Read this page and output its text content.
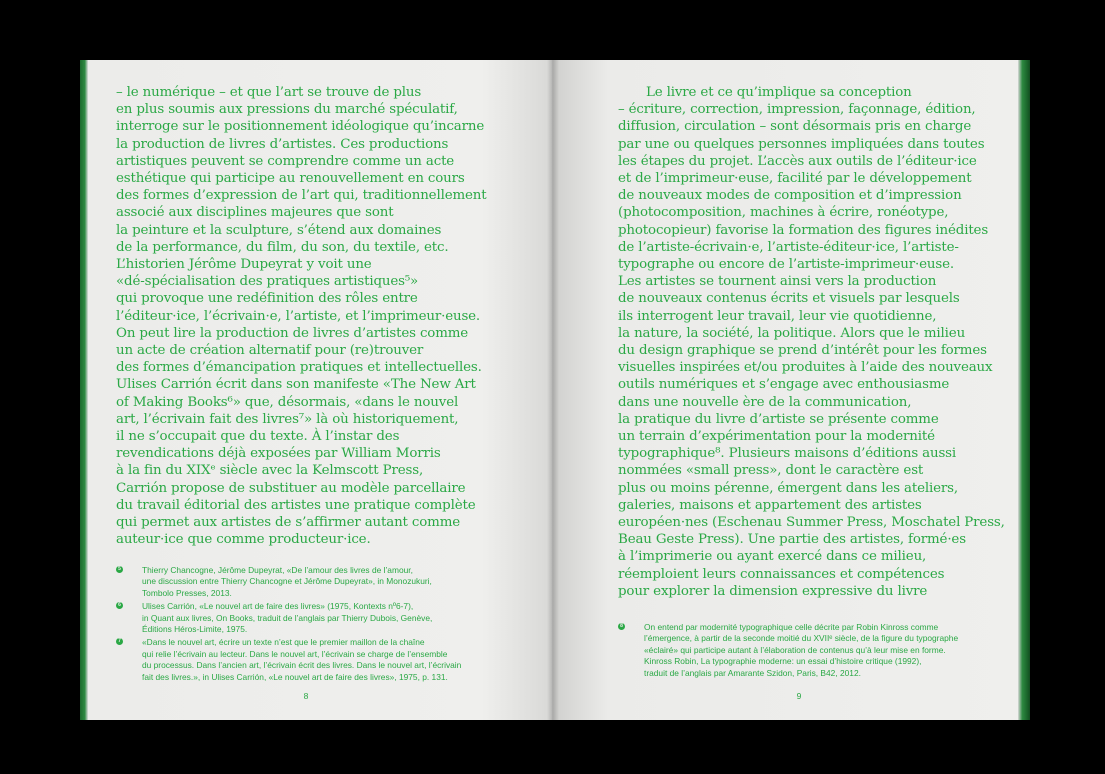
– le numérique – et que l’art se trouve de plus
en plus soumis aux pressions du marché spéculatif,
interroge sur le positionnement idéologique qu’incarne
la production de livres d’artistes. Ces productions
artistiques peuvent se comprendre comme un acte
esthétique qui participe au renouvellement en cours
des formes d’expression de l’art qui, traditionnellement
associé aux disciplines majeures que sont
la peinture et la sculpture, s’étend aux domaines
de la performance, du film, du son, du textile, etc.
L’historien Jérôme Dupeyrat y voit une
«dé-spécialisation des pratiques artistiques⁵»
qui provoque une redéfinition des rôles entre
l’éditeur·ice, l’écrivain·e, l’artiste, et l’imprimeur·euse.
On peut lire la production de livres d’artistes comme
un acte de création alternatif pour (re)trouver
des formes d’émancipation pratiques et intellectuelles.
Ulises Carrión écrit dans son manifeste «The New Art
of Making Books⁶» que, désormais, «dans le nouvel
art, l’écrivain fait des livres⁷» là où historiquement,
il ne s’occupait que du texte. À l’instar des
revendications déjà exposées par William Morris
à la fin du XIXᵉ siècle avec la Kelmscott Press,
Carrión propose de substituer au modèle parcellaire
du travail éditorial des artistes une pratique complète
qui permet aux artistes de s’affirmer autant comme
auteur·ice que comme producteur·ice.
5	Thierry Chancogne, Jérôme Dupeyrat, «De l’amour des livres de l’amour,
une discussion entre Thierry Chancogne et Jérôme Dupeyrat», in Monozukuri,
Tombolo Presses, 2013.
6	Ulises Carrión, «Le nouvel art de faire des livres» (1975, Kontexts nº6-7),
in Quant aux livres, On Books, traduit de l’anglais par Thierry Dubois, Genève,
Éditions Héros-Limite, 1975.
7	«Dans le nouvel art, écrire un texte n’est que le premier maillon de la chaîne
qui relie l’écrivain au lecteur. Dans le nouvel art, l’écrivain se charge de l’ensemble
du processus. Dans l’ancien art, l’écrivain écrit des livres. Dans le nouvel art, l’écrivain
fait des livres.», in Ulises Carrión, «Le nouvel art de faire des livres», 1975, p. 131.
8
Le livre et ce qu’implique sa conception
– écriture, correction, impression, façonnage, édition,
diffusion, circulation – sont désormais pris en charge
par une ou quelques personnes impliquées dans toutes
les étapes du projet. L’accès aux outils de l’éditeur·ice
et de l’imprimeur·euse, facilité par le développement
de nouveaux modes de composition et d’impression
(photocomposition, machines à écrire, ronéotype,
photocopieur) favorise la formation des figures inédites
de l’artiste-écrivain·e, l’artiste-éditeur·ice, l’artiste-
typographe ou encore de l’artiste-imprimeur·euse.
Les artistes se tournent ainsi vers la production
de nouveaux contenus écrits et visuels par lesquels
ils interrogent leur travail, leur vie quotidienne,
la nature, la société, la politique. Alors que le milieu
du design graphique se prend d’intérêt pour les formes
visuelles inspirées et/ou produites à l’aide des nouveaux
outils numériques et s’engage avec enthousiasme
dans une nouvelle ère de la communication,
la pratique du livre d’artiste se présente comme
un terrain d’expérimentation pour la modernité
typographique⁸. Plusieurs maisons d’éditions aussi
nommées «small press», dont le caractère est
plus ou moins pérenne, émergent dans les ateliers,
galeries, maisons et appartement des artistes
européen·nes (Eschenau Summer Press, Moschatel Press,
Beau Geste Press). Une partie des artistes, formé·es
à l’imprimerie ou ayant exercé dans ce milieu,
réemploient leurs connaissances et compétences
pour explorer la dimension expressive du livre
8	On entend par modernité typographique celle décrite par Robin Kinross comme
l’émergence, à partir de la seconde moitié du XVIIᵉ siècle, de la figure du typographe
«éclairé» qui participe autant à l’élaboration de contenus qu’à leur mise en forme.
Kinross Robin, La typographie moderne: un essai d’histoire critique (1992),
traduit de l’anglais par Amarante Szidon, Paris, B42, 2012.
9
